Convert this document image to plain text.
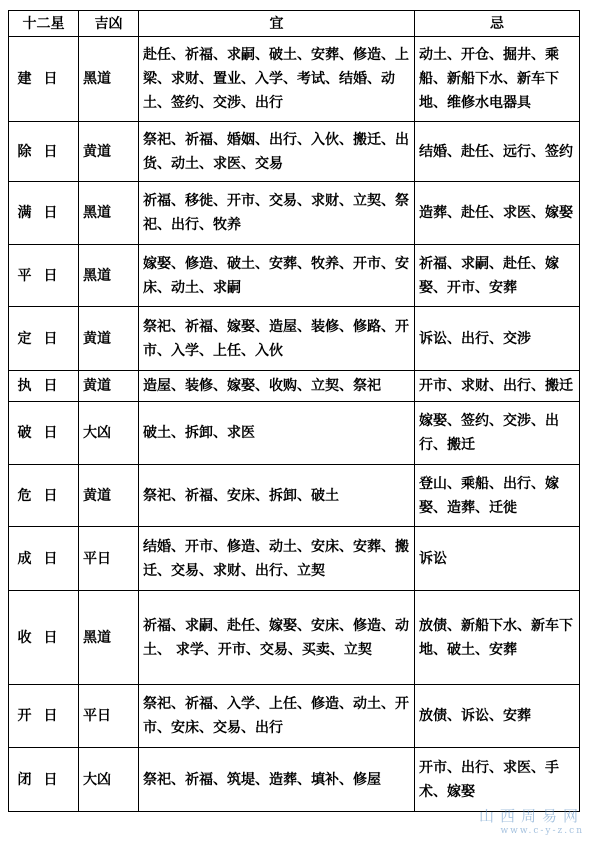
十二星	吉凶	宜	忌
建日	黑道	赴任、祈福、求嗣、破土、安葬、修造、上梁、求财、置业、入学、考试、结婚、动土、签约、交涉、出行	动土、开仓、掘井、乘船、新船下水、新车下地、维修水电器具
除日	黄道	祭祀、祈福、婚姻、出行、入伙、搬迁、出货、动土、求医、交易	结婚、赴任、远行、签约
满日	黑道	祈福、移徙、开市、交易、求财、立契、祭祀、出行、牧养	造葬、赴任、求医、嫁娶
平日	黑道	嫁娶、修造、破土、安葬、牧养、开市、安床、动土、求嗣	祈福、求嗣、赴任、嫁娶、开市、安葬
定日	黄道	祭祀、祈福、嫁娶、造屋、装修、修路、开市、入学、上任、入伙	诉讼、出行、交涉
执日	黄道	造屋、装修、嫁娶、收购、立契、祭祀	开市、求财、出行、搬迁
破日	大凶	破土、拆卸、求医	嫁娶、签约、交涉、出行、搬迁
危日	黄道	祭祀、祈福、安床、拆卸、破土	登山、乘船、出行、嫁娶、造葬、迁徙
成日	平日	结婚、开市、修造、动土、安床、安葬、搬迁、交易、求财、出行、立契	诉讼
收日	黑道	祈福、求嗣、赴任、嫁娶、安床、修造、动土、 求学、开市、交易、买卖、立契	放债、新船下水、新车下地、破土、安葬
开日	平日	祭祀、祈福、入学、上任、修造、动土、开市、安床、交易、出行	放债、诉讼、安葬
闭日	大凶	祭祀、祈福、筑堤、造葬、填补、修屋	开市、出行、求医、手术、嫁娶
山西周易网
www.c-y-z.cn
